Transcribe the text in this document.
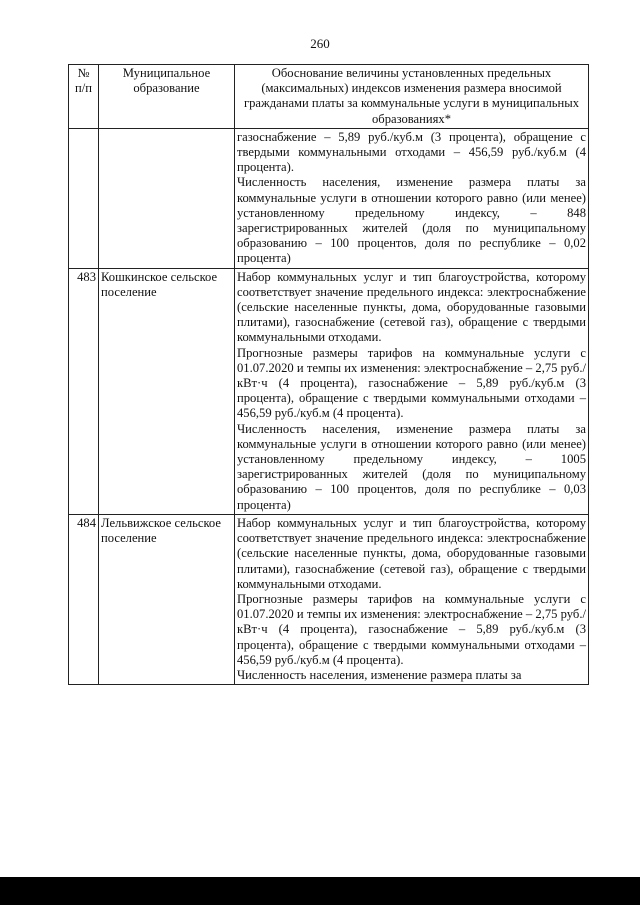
260
№ п/п	Муниципальное образование	Обоснование величины установленных предельных (максимальных) индексов изменения размера вносимой гражданами платы за коммунальные услуги в муниципальных образованиях*

		газоснабжение – 5,89 руб./куб.м (3 процента), обращение с твердыми коммунальными отходами – 456,59 руб./куб.м (4 процента).

Численность населения, изменение размера платы за коммунальные услуги в отношении которого равно (или менее) установленному предельному индексу, – 848 зарегистрированных жителей (доля по муниципальному образованию – 100 процентов, доля по республике – 0,02 процента)

483	Кошкинское сельское поселение	Набор коммунальных услуг и тип благоустройства, которому соответствует значение предельного индекса: электроснабжение (сельские населенные пункты, дома, оборудованные газовыми плитами), газоснабжение (сетевой газ), обращение с твердыми коммунальными отходами.

Прогнозные размеры тарифов на коммунальные услуги с 01.07.2020 и темпы их изменения: электроснабжение – 2,75 руб./кВт·ч (4 процента), газоснабжение – 5,89 руб./куб.м (3 процента), обращение с твердыми коммунальными отходами – 456,59 руб./куб.м (4 процента).

Численность населения, изменение размера платы за коммунальные услуги в отношении которого равно (или менее) установленному предельному индексу, – 1005 зарегистрированных жителей (доля по муниципальному образованию – 100 процентов, доля по республике – 0,03 процента)

484	Лельвижское сельское поселение	Набор коммунальных услуг и тип благоустройства, которому соответствует значение предельного индекса: электроснабжение (сельские населенные пункты, дома, оборудованные газовыми плитами), газоснабжение (сетевой газ), обращение с твердыми коммунальными отходами.

Прогнозные размеры тарифов на коммунальные услуги с 01.07.2020 и темпы их изменения: электроснабжение – 2,75 руб./кВт·ч (4 процента), газоснабжение – 5,89 руб./куб.м (3 процента), обращение с твердыми коммунальными отходами – 456,59 руб./куб.м (4 процента).

Численность населения, изменение размера платы за
